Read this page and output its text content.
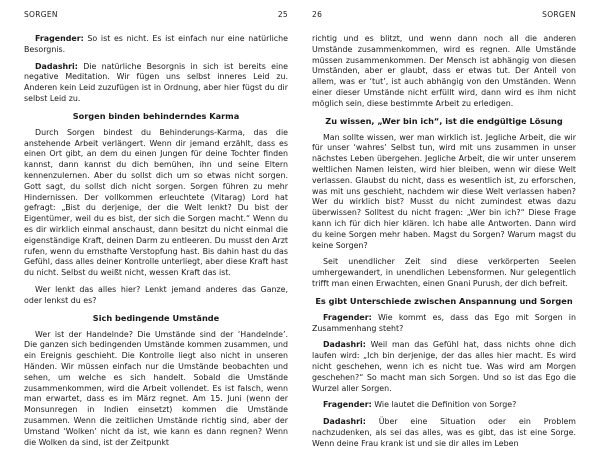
SORGEN	25

Fragender: So ist es nicht. Es ist einfach nur eine natürliche Besorgnis.

Dadashri: Die natürliche Besorgnis in sich ist bereits eine negative Meditation. Wir fügen uns selbst inneres Leid zu. Anderen kein Leid zuzufügen ist in Ordnung, aber hier fügst du dir selbst Leid zu.

Sorgen binden behinderndes Karma

Durch Sorgen bindest du Behinderungs-Karma, das die anstehende Arbeit verlängert. Wenn dir jemand erzählt, dass es einen Ort gibt, an dem du einen Jungen für deine Tochter finden kannst, dann kannst du dich bemühen, ihn und seine Eltern kennenzulernen. Aber du sollst dich um so etwas nicht sorgen. Gott sagt, du sollst dich nicht sorgen. Sorgen führen zu mehr Hindernissen. Der vollkommen erleuchtete (Vitarag) Lord hat gefragt: „Bist du derjenige, der die Welt lenkt? Du bist der Eigentümer, weil du es bist, der sich die Sorgen macht.“ Wenn du es dir wirklich einmal anschaust, dann besitzt du nicht einmal die eigenständige Kraft, deinen Darm zu entleeren. Du musst den Arzt rufen, wenn du ernsthafte Verstopfung hast. Bis dahin hast du das Gefühl, dass alles deiner Kontrolle unterliegt, aber diese Kraft hast du nicht. Selbst du weißt nicht, wessen Kraft das ist.

Wer lenkt das alles hier? Lenkt jemand anderes das Ganze, oder lenkst du es?

Sich bedingende Umstände

Wer ist der Handelnde? Die Umstände sind der ‘Handelnde’. Die ganzen sich bedingenden Umstände kommen zusammen, und ein Ereignis geschieht. Die Kontrolle liegt also nicht in unseren Händen. Wir müssen einfach nur die Umstände beobachten und sehen, um welche es sich handelt. Sobald die Umstände zusammenkommen, wird die Arbeit vollendet. Es ist falsch, wenn man erwartet, dass es im März regnet. Am 15. Juni (wenn der Monsunregen in Indien einsetzt) kommen die Umstände zusammen. Wenn die zeitlichen Umstände richtig sind, aber der Umstand ‘Wolken’ nicht da ist, wie kann es dann regnen? Wenn die Wolken da sind, ist der Zeitpunkt

26	SORGEN

richtig und es blitzt, und wenn dann noch all die anderen Umstände zusammenkommen, wird es regnen. Alle Umstände müssen zusammenkommen. Der Mensch ist abhängig von diesen Umständen, aber er glaubt, dass er etwas tut. Der Anteil von allem, was er ‘tut’, ist auch abhängig von den Umständen. Wenn einer dieser Umstände nicht erfüllt wird, dann wird es ihm nicht möglich sein, diese bestimmte Arbeit zu erledigen.

Zu wissen, „Wer bin ich“, ist die endgültige Lösung

Man sollte wissen, wer man wirklich ist. Jegliche Arbeit, die wir für unser ‘wahres’ Selbst tun, wird mit uns zusammen in unser nächstes Leben übergehen. Jegliche Arbeit, die wir unter unserem weltlichen Namen leisten, wird hier bleiben, wenn wir diese Welt verlassen. Glaubst du nicht, dass es wesentlich ist, zu erforschen, was mit uns geschieht, nachdem wir diese Welt verlassen haben? Wer du wirklich bist? Musst du nicht zumindest etwas dazu überwissen? Solltest du nicht fragen: „Wer bin ich?“ Diese Frage kann ich für dich hier klären. Ich habe alle Antworten. Dann wird du keine Sorgen mehr haben. Magst du Sorgen? Warum magst du keine Sorgen?

Seit unendlicher Zeit sind diese verkörperten Seelen umhergewandert, in unendlichen Lebensformen. Nur gelegentlich trifft man einen Erwachten, einen Gnani Purush, der dich befreit.

Es gibt Unterschiede zwischen Anspannung und Sorgen

Fragender: Wie kommt es, dass das Ego mit Sorgen in Zusammenhang steht?

Dadashri: Weil man das Gefühl hat, dass nichts ohne dich laufen wird: „Ich bin derjenige, der das alles hier macht. Es wird nicht geschehen, wenn ich es nicht tue. Was wird am Morgen geschehen?“ So macht man sich Sorgen. Und so ist das Ego die Wurzel aller Sorgen.

Fragender: Wie lautet die Definition von Sorge?

Dadashri: Über eine Situation oder ein Problem nachzudenken, als sei das alles, was es gibt, das ist eine Sorge. Wenn deine Frau krank ist und sie dir alles im Leben
